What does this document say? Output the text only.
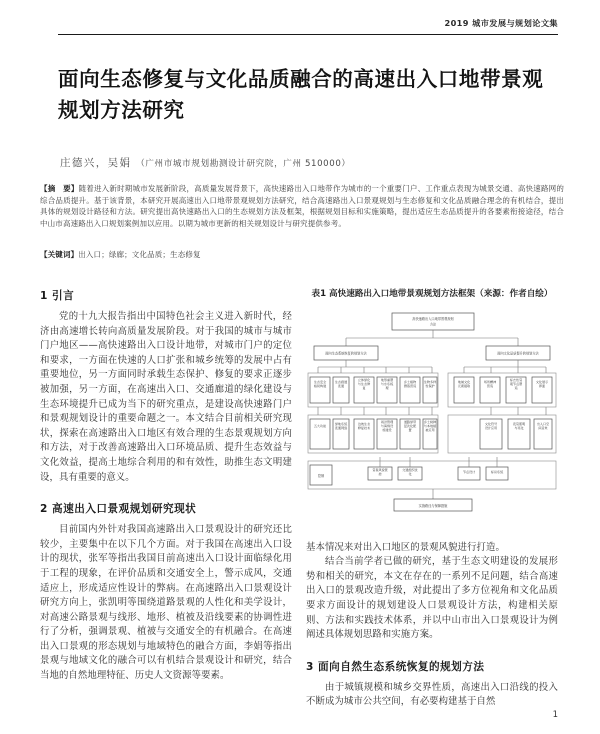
2019 城市发展与规划论文集
面向生态修复与文化品质融合的高速出入口地带景观规划方法研究
庄德兴，吴娟 （广州市城市规划勘测设计研究院，广州 510000）
【摘　要】随着进入新时期城市发展新阶段，高质量发展背景下，高快速路出入口地带作为城市的一个重要门户、工作重点表现为城景交通、高快速路网的综合品质提升。基于该背景，本研究开展高速出入口地带景观规划方法研究，结合高速路出入口景观规划与生态修复和文化品质融合理念的有机结合，提出具体的规划设计路径和方法。研究提出高快速路出入口的生态规划方法及框架，根据规划目标和实施策略，提出适应生态品质提升的各要素衔接途径，结合中山市高速路出入口规划案例加以应用。以期为城市更新的相关规划设计与研究提供参考。
【关键词】出入口；绿廊；文化品质；生态修复
1 引言

党的十九大报告指出中国特色社会主义进入新时代，经济由高速增长转向高质量发展阶段。对于我国的城市与城市门户地区——高快速路出入口设计地带，对城市门户的定位和要求，一方面在快速的人口扩张和城乡统筹的发展中占有重要地位，另一方面同时承载生态保护、修复的要求正逐步被加强，另一方面，在高速出入口、交通廊道的绿化建设与生态环境提升已成为当下的研究重点，是建设高快速路门户和景观规划设计的重要命题之一。本文结合目前相关研究现状，探索在高速路出入口地区有效合理的生态景观规划方向和方法，对于改善高速路出入口环境品质、提升生态效益与文化效益，提高土地综合利用的和有效性，助推生态文明建设，具有重要的意义。

2 高速出入口景观规划研究现状

目前国内外针对我国高速路出入口景观设计的研究还比较少，主要集中在以下几个方面。对于我国在高速出入口设计的现状，张军等指出我国目前高速出入口设计面临绿化用于工程的现象，在评价品质和交通安全上，警示成风，交通适应上，形成适应性设计的弊病。在高速路出入口景观设计研究方向上，张凯明等围绕道路景观的人性化和美学设计，对高速公路景观与线形、地形、植被及沿线要素的协调性进行了分析，强调景观、植被与交通安全的有机融合。在高速出入口景观的形态规划与地域特色的融合方面，李娟等指出景观与地域文化的融合可以有机结合景观设计和研究，结合当地的自然地理特征、历史人文资源等要素。

表1 高快速路出入口地带景观规划方法框架（来源：作者自绘）
高快速路出入口地带景观规划
方法
面向生态系统恢复的规划方法	面向文化品质提升的规划方法
生态安全
格局构建
生态廊道
连通
立体绿化
与生态修
复
地形重塑
与水系梳
理
乡土植物
群落营造
生物多样
性保护
地域文化
元素提取
场所精神
营造
标志性景
观节点塑
造
文化展示
界面
五大功能
绿地系统
连通网络
边坡生态
修复技术
雨洪管理
与海绵设
施建设
道路绿带
层次化配
置
乡土树种
与本地植
被应用
文化符号
设计应用
夜景照明
与亮化
出入口空
间意象
控制
景观风貌管
控
交通组织优
化
节点设计	标识系统
实施路径与保障措施

基本情况来对出入口地区的景观风貌进行打造。

结合当前学者已做的研究，基于生态文明建设的发展形势和相关的研究，本文在存在的一系列不足问题，结合高速出入口的景观改造升级，对此提出了多方位视角和文化品质要求方面设计的规划建设人口景观设计方法，构建相关原则、方法和实践技术体系，并以中山市出入口景观设计为例阐述具体规划思路和实施方案。

3 面向自然生态系统恢复的规划方法

由于城镇规模和城乡交界性质，高速出入口沿线的投入不断成为城市公共空间，有必要构建基于自然

1
